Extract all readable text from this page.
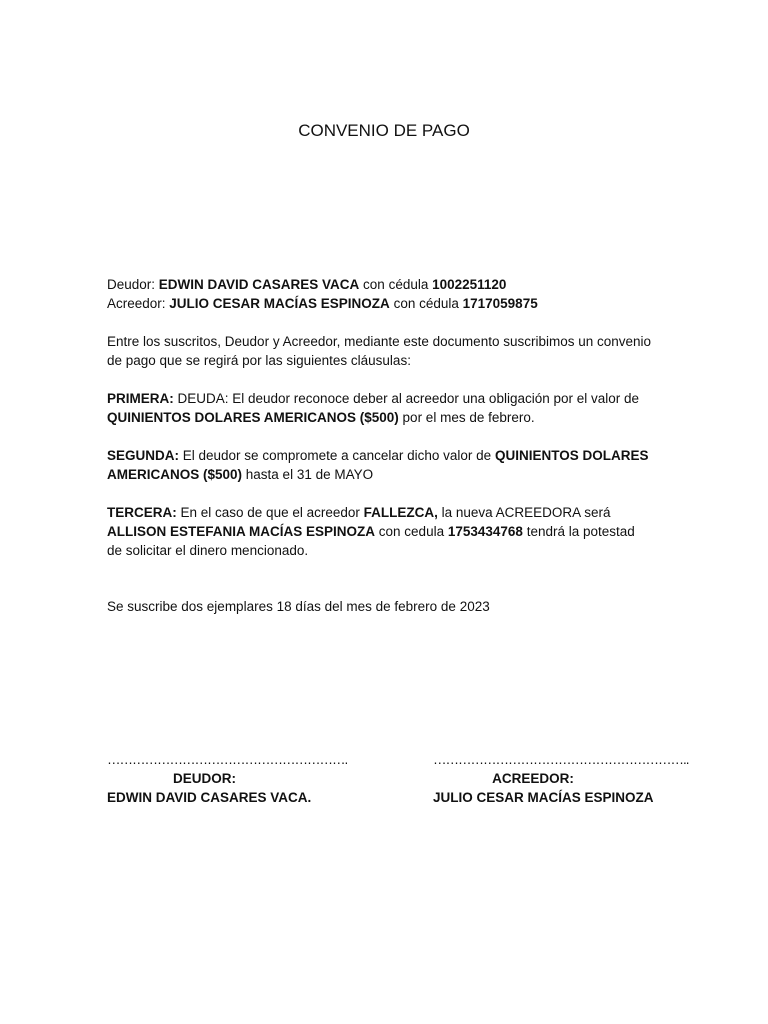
CONVENIO DE PAGO

Deudor: EDWIN DAVID CASARES VACA con cédula 1002251120

Acreedor: JULIO CESAR MACÍAS ESPINOZA con cédula 1717059875

Entre los suscritos, Deudor y Acreedor, mediante este documento suscribimos un convenio de pago que se regirá por las siguientes cláusulas:

PRIMERA: DEUDA: El deudor reconoce deber al acreedor una obligación por el valor de QUINIENTOS DOLARES AMERICANOS ($500) por el mes de febrero.

SEGUNDA: El deudor se compromete a cancelar dicho valor de QUINIENTOS DOLARES AMERICANOS ($500) hasta el 31 de MAYO

TERCERA: En el caso de que el acreedor FALLEZCA, la nueva ACREEDORA será ALLISON ESTEFANIA MACÍAS ESPINOZA con cedula 1753434768 tendrá la potestad de solicitar el dinero mencionado.

Se suscribe dos ejemplares 18 días del mes de febrero de 2023

………………………………………………….
DEUDOR:
EDWIN DAVID CASARES VACA.
……………………………………………………..
ACREEDOR:
JULIO CESAR MACÍAS ESPINOZA
